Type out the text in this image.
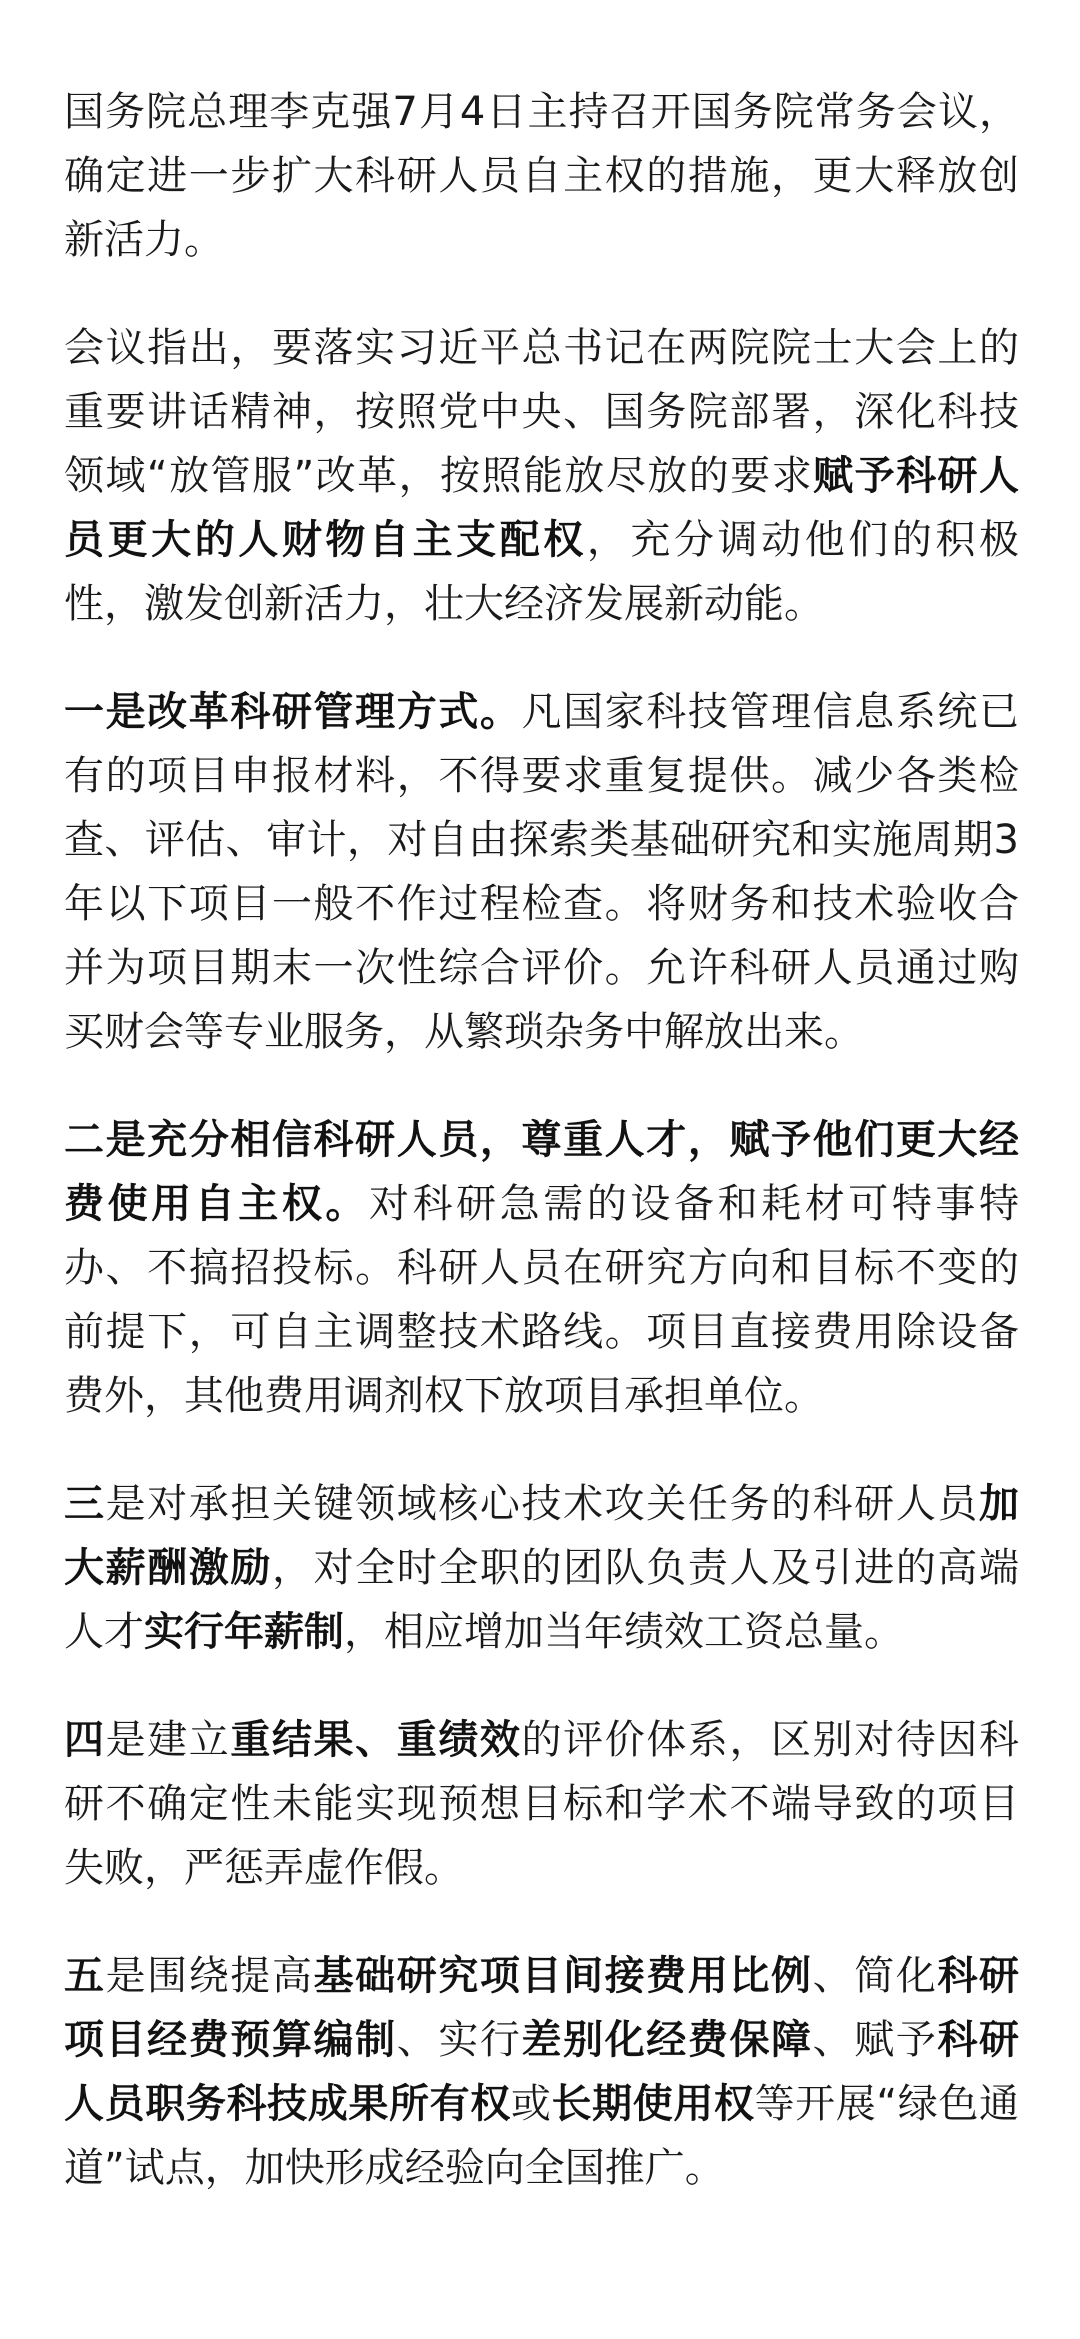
国务院总理李克强7月4日主持召开国务院常务会议，确定进一步扩大科研人员自主权的措施，更大释放创新活力。

会议指出，要落实习近平总书记在两院院士大会上的重要讲话精神，按照党中央、国务院部署，深化科技领域“放管服”改革，按照能放尽放的要求赋予科研人员更大的人财物自主支配权，充分调动他们的积极性，激发创新活力，壮大经济发展新动能。

一是改革科研管理方式。凡国家科技管理信息系统已有的项目申报材料，不得要求重复提供。减少各类检查、评估、审计，对自由探索类基础研究和实施周期3年以下项目一般不作过程检查。将财务和技术验收合并为项目期末一次性综合评价。允许科研人员通过购买财会等专业服务，从繁琐杂务中解放出来。

二是充分相信科研人员，尊重人才，赋予他们更大经费使用自主权。对科研急需的设备和耗材可特事特办、不搞招投标。科研人员在研究方向和目标不变的前提下，可自主调整技术路线。项目直接费用除设备费外，其他费用调剂权下放项目承担单位。

三是对承担关键领域核心技术攻关任务的科研人员加大薪酬激励，对全时全职的团队负责人及引进的高端人才实行年薪制，相应增加当年绩效工资总量。

四是建立重结果、重绩效的评价体系，区别对待因科研不确定性未能实现预想目标和学术不端导致的项目失败，严惩弄虚作假。

五是围绕提高基础研究项目间接费用比例、简化科研项目经费预算编制、实行差别化经费保障、赋予科研人员职务科技成果所有权或长期使用权等开展“绿色通道”试点，加快形成经验向全国推广。
